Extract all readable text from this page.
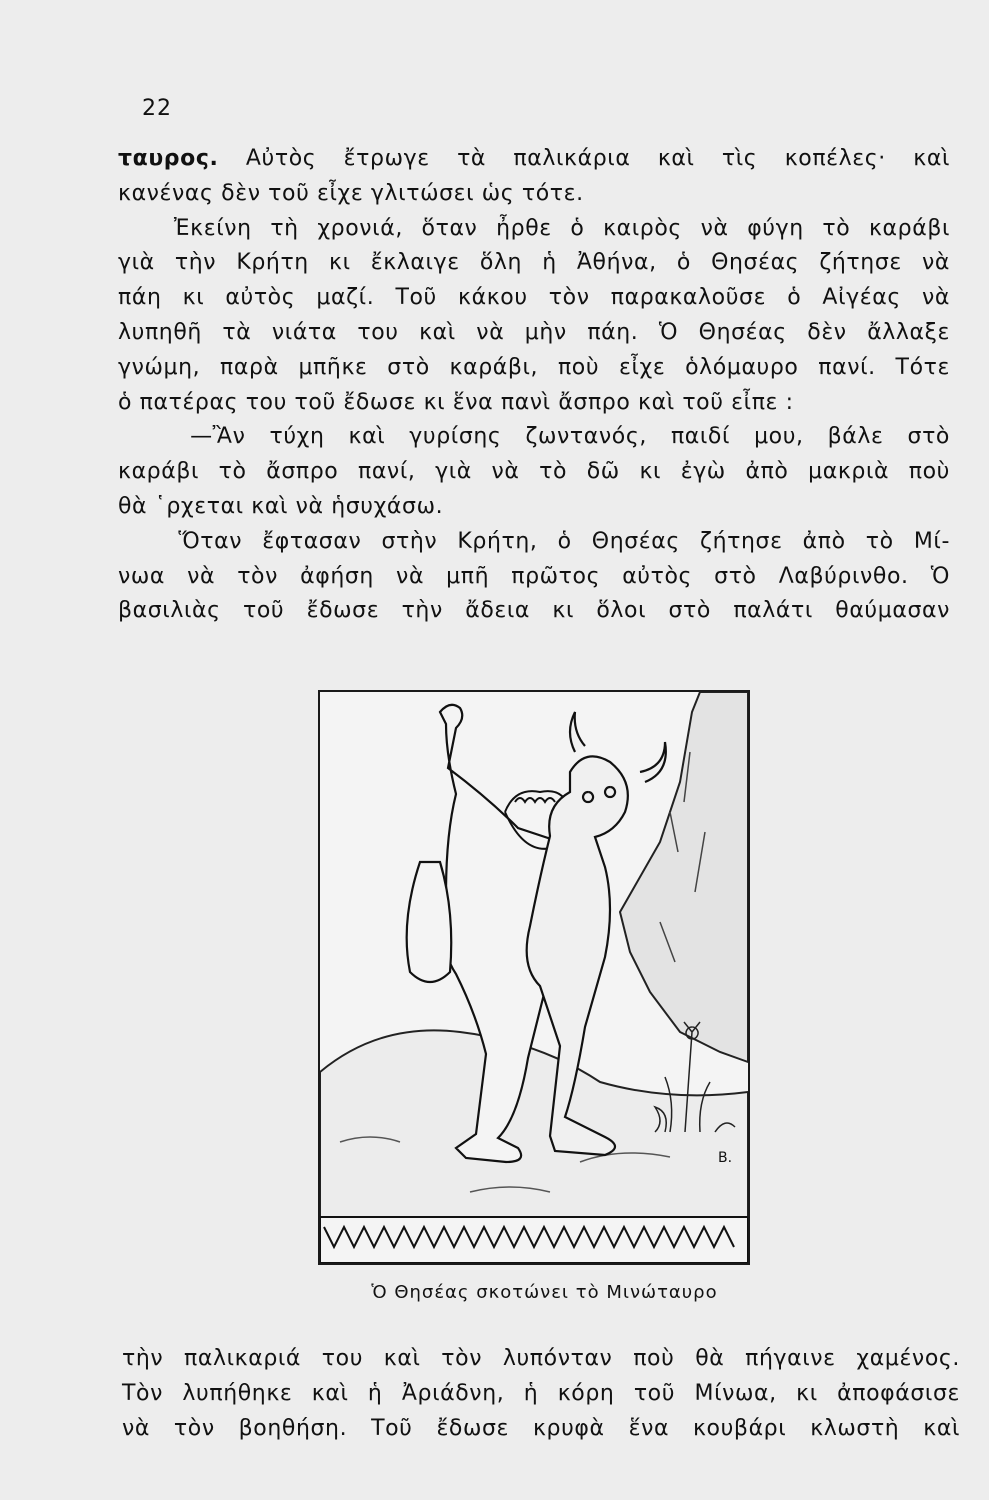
22
ταυρος. Αὐτὸς ἔτρωγε τὰ παλικάρια καὶ τὶς κοπέλες· καὶ
κανένας δὲν τοῦ εἶχε γλιτώσει ὡς τότε.
Ἐκείνη τὴ χρονιά, ὅταν ἦρθε ὁ καιρὸς νὰ φύγη τὸ καράβι
γιὰ τὴν Κρήτη κι ἔκλαιγε ὅλη ἡ Ἀθήνα, ὁ Θησέας ζήτησε νὰ
πάη κι αὐτὸς μαζί. Τοῦ κάκου τὸν παρακαλοῦσε ὁ Αἰγέας νὰ
λυπηθῆ τὰ νιάτα του καὶ νὰ μὴν πάη. Ὁ Θησέας δὲν ἄλλαξε
γνώμη, παρὰ μπῆκε στὸ καράβι, ποὺ εἶχε ὁλόμαυρο πανί. Τότε
ὁ πατέρας του τοῦ ἔδωσε κι ἕνα πανὶ ἄσπρο καὶ τοῦ εἶπε :
—Ἂν τύχη καὶ γυρίσης ζωντανός, παιδί μου, βάλε στὸ
καράβι τὸ ἄσπρο πανί, γιὰ νὰ τὸ δῶ κι ἐγὼ ἀπὸ μακριὰ ποὺ
θὰ ῾ρχεται καὶ νὰ ἡσυχάσω.
Ὅταν ἔφτασαν στὴν Κρήτη, ὁ Θησέας ζήτησε ἀπὸ τὸ Μί-
νωα νὰ τὸν ἀφήση νὰ μπῆ πρῶτος αὐτὸς στὸ Λαβύρινθο. Ὁ
βασιλιὰς τοῦ ἔδωσε τὴν ἄδεια κι ὅλοι στὸ παλάτι θαύμασαν
Β.
Ὁ Θησέας σκοτώνει τὸ Μινώταυρο
τὴν παλικαριά του καὶ τὸν λυπόνταν ποὺ θὰ πήγαινε χαμένος.
Τὸν λυπήθηκε καὶ ἡ Ἀριάδνη, ἡ κόρη τοῦ Μίνωα, κι ἀποφάσισε
νὰ τὸν βοηθήση. Τοῦ ἔδωσε κρυφὰ ἕνα κουβάρι κλωστὴ καὶ
